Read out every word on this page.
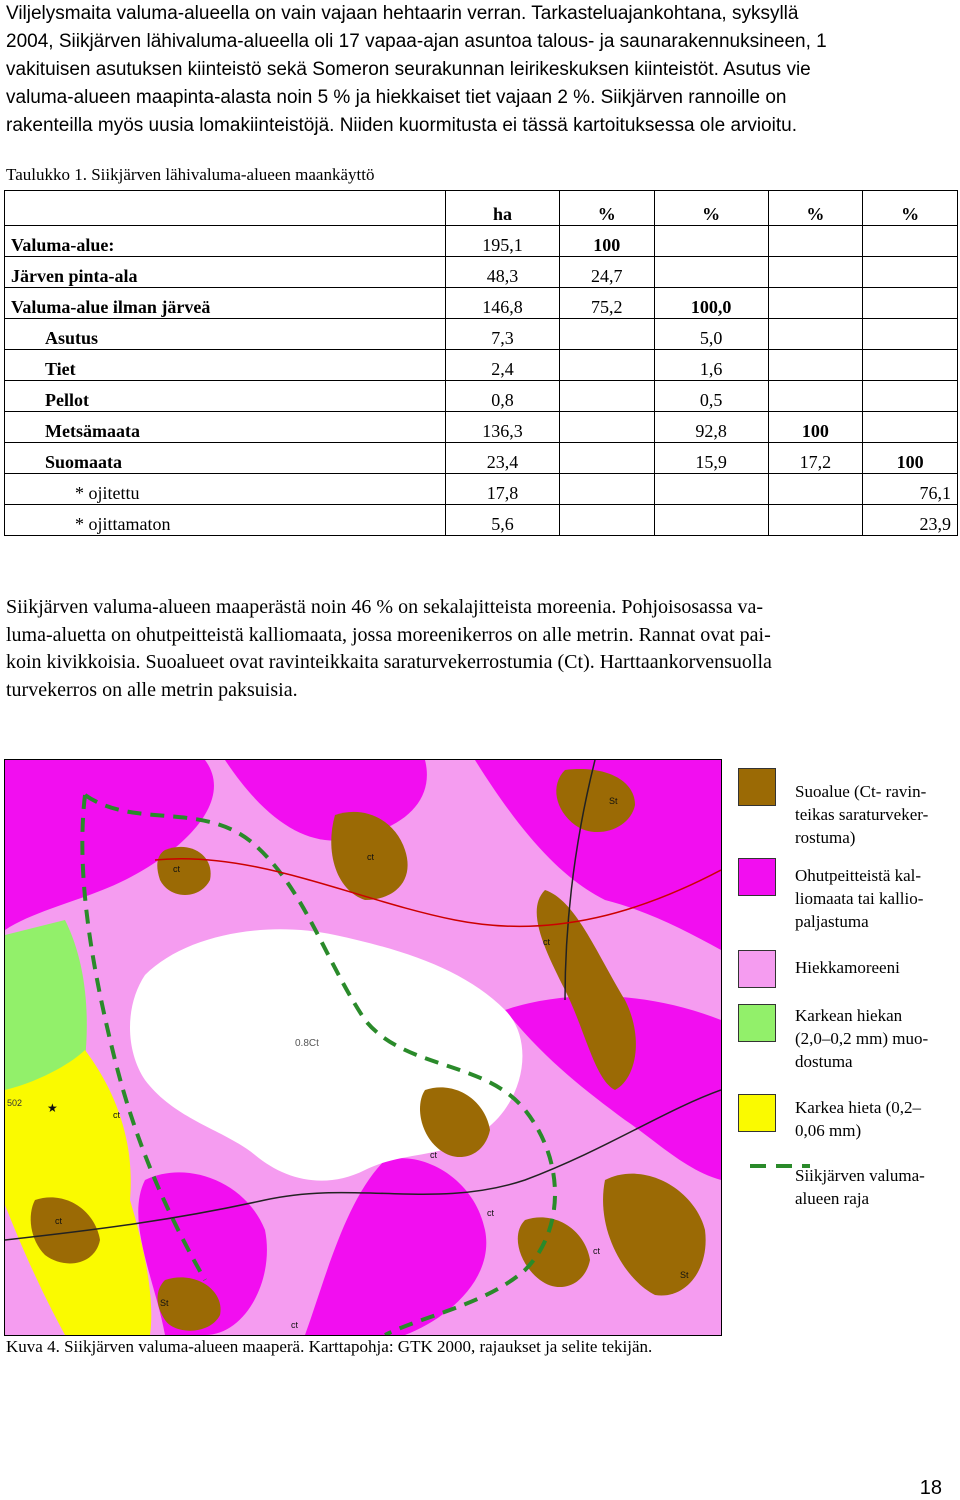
Viljelysmaita valuma-alueella on vain vajaan hehtaarin verran. Tarkasteluajankohtana, syksyllä
2004, Siikjärven lähivaluma-alueella oli 17 vapaa-ajan asuntoa talous- ja saunarakennuksineen, 1
vakituisen asutuksen kiinteistö sekä Someron seurakunnan leirikeskuksen kiinteistöt. Asutus vie
valuma-alueen maapinta-alasta noin 5 % ja hiekkaiset tiet vajaan 2 %. Siikjärven rannoille on
rakenteilla myös uusia lomakiinteistöjä. Niiden kuormitusta ei tässä kartoituksessa ole arvioitu.
Taulukko 1. Siikjärven lähivaluma-alueen maankäyttö
	ha	%	%	%	%
Valuma-alue:	195,1	100			
Järven pinta-ala	48,3	24,7			
Valuma-alue ilman järveä	146,8	75,2	100,0		
Asutus	7,3		5,0		
Tiet	2,4		1,6		
Pellot	0,8		0,5		
Metsämaata	136,3		92,8	100	
Suomaata	23,4		15,9	17,2	100
* ojitettu	17,8				76,1
* ojittamaton	5,6				23,9
Siikjärven valuma-alueen maaperästä noin 46 % on sekalajitteista moreenia. Pohjoisosassa va-
luma-aluetta on ohutpeitteistä kalliomaata, jossa moreenikerros on alle metrin. Rannat ovat pai-
koin kivikkoisia. Suoalueet ovat ravinteikkaita saraturvekerrostumia (Ct). Harttaankorvensuolla
turvekerros on alle metrin paksuisia.
0.8Ct
502
ct
ct
ct
ct
ct
ct
ct
ct
ct
St
St
St
★
Suoalue (Ct- ravin-
teikas saraturveker-
rostuma)
Ohutpeitteistä kal-
liomaata tai kallio-
paljastuma
Hiekkamoreeni
Karkean hiekan
(2,0–0,2 mm) muo-
dostuma
Karkea hieta (0,2–
0,06 mm)
Siikjärven valuma-
alueen raja
Kuva 4. Siikjärven valuma-alueen maaperä. Karttapohja: GTK 2000, rajaukset ja selite tekijän.
18
